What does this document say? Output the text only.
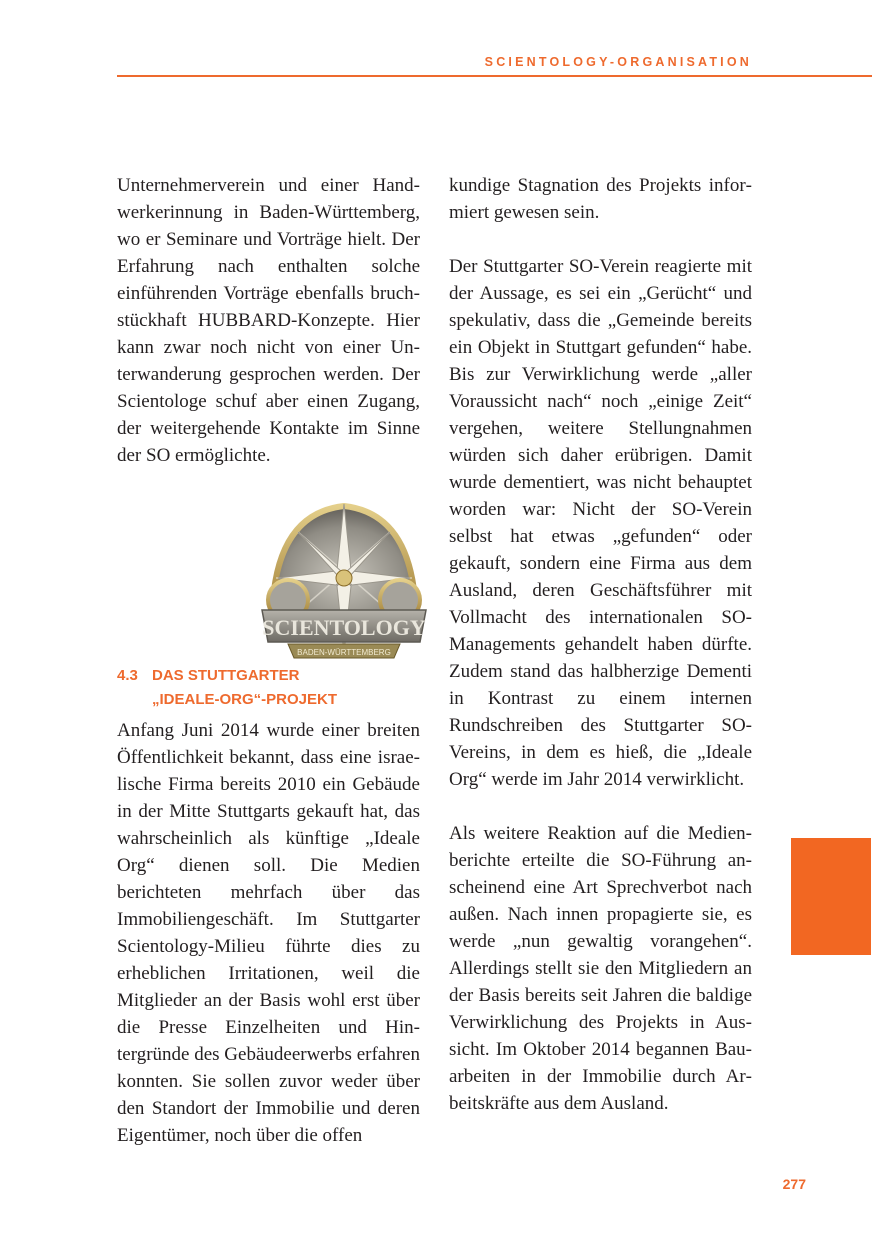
SCIENTOLOGY-ORGANISATION

Unternehmerverein und einer Handwerkerinnung in Baden-Württemberg, wo er Seminare und Vorträge hielt. Der Erfahrung nach enthalten solche einführenden Vorträge ebenfalls bruchstückhaft HUBBARD-Konzepte. Hier kann zwar noch nicht von einer Unterwanderung gesprochen werden. Der Scientologe schuf aber einen Zugang, der weitergehende Kontakte im Sinne der SO ermöglichte.

SCIENTOLOGY
BADEN-WÜRTTEMBERG
4.3 DAS STUTTGARTER
„IDEALE-ORG“-PROJEKT

Anfang Juni 2014 wurde einer breiten Öffentlichkeit bekannt, dass eine israelische Firma bereits 2010 ein Gebäude in der Mitte Stuttgarts gekauft hat, das wahrscheinlich als künftige „Ideale Org“ dienen soll. Die Medien berichteten mehrfach über das Immobiliengeschäft. Im Stuttgarter Scientology-Milieu führte dies zu erheblichen Irritationen, weil die Mitglieder an der Basis wohl erst über die Presse Einzelheiten und Hintergründe des Gebäudeerwerbs erfahren konnten. Sie sollen zuvor weder über den Standort der Immobilie und deren Eigentümer, noch über die offen

kundige Stagnation des Projekts informiert gewesen sein.

Der Stuttgarter SO-Verein reagierte mit der Aussage, es sei ein „Gerücht“ und spekulativ, dass die „Gemeinde bereits ein Objekt in Stuttgart gefunden“ habe. Bis zur Verwirklichung werde „aller Voraussicht nach“ noch „einige Zeit“ vergehen, weitere Stellungnahmen würden sich daher erübrigen. Damit wurde dementiert, was nicht behauptet worden war: Nicht der SO-Verein selbst hat etwas „gefunden“ oder gekauft, sondern eine Firma aus dem Ausland, deren Geschäftsführer mit Vollmacht des internationalen SO-Managements gehandelt haben dürfte. Zudem stand das halbherzige Dementi in Kontrast zu einem internen Rundschreiben des Stuttgarter SO-Vereins, in dem es hieß, die „Ideale Org“ werde im Jahr 2014 verwirklicht.

Als weitere Reaktion auf die Medienberichte erteilte die SO-Führung anscheinend eine Art Sprechverbot nach außen. Nach innen propagierte sie, es werde „nun gewaltig vorangehen“. Allerdings stellt sie den Mitgliedern an der Basis bereits seit Jahren die baldige Verwirklichung des Projekts in Aussicht. Im Oktober 2014 begannen Bauarbeiten in der Immobilie durch Arbeitskräfte aus dem Ausland.

277
